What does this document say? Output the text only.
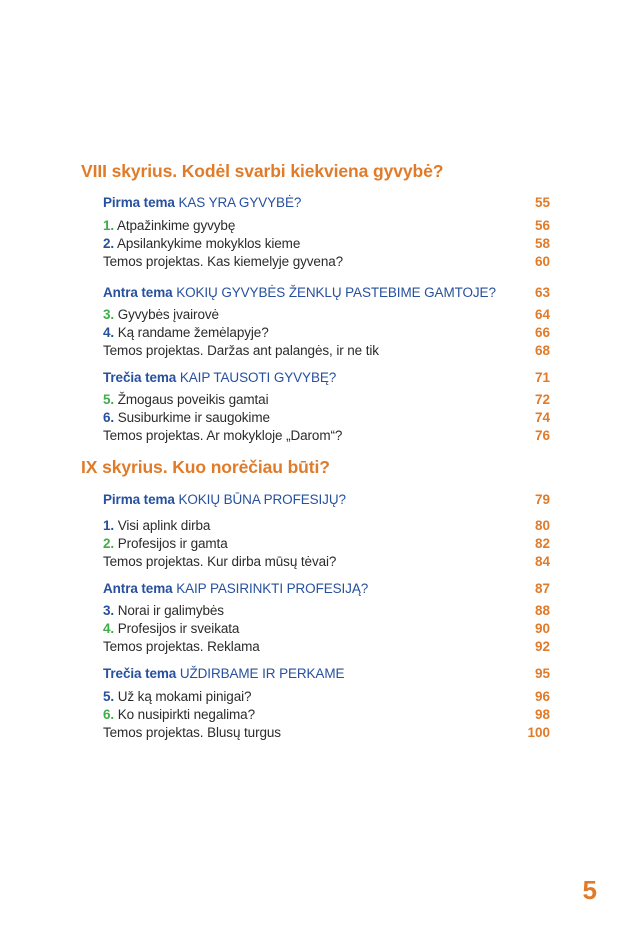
VIII skyrius. Kodėl svarbi kiekviena gyvybė?
Pirma tema KAS YRA GYVYBĖ?	55
1. Atpažinkime gyvybę	56
2. Apsilankykime mokyklos kieme	58
Temos projektas. Kas kiemelyje gyvena?	60
Antra tema KOKIŲ GYVYBĖS ŽENKLŲ PASTEBIME GAMTOJE?	63
3. Gyvybės įvairovė	64
4. Ką randame žemėlapyje?	66
Temos projektas. Daržas ant palangės, ir ne tik	68
Trečia tema KAIP TAUSOTI GYVYBĘ?	71
5. Žmogaus poveikis gamtai	72
6. Susiburkime ir saugokime	74
Temos projektas. Ar mokykloje „Darom“?	76
IX skyrius. Kuo norėčiau būti?
Pirma tema KOKIŲ BŪNA PROFESIJŲ?	79
1. Visi aplink dirba	80
2. Profesijos ir gamta	82
Temos projektas. Kur dirba mūsų tėvai?	84
Antra tema KAIP PASIRINKTI PROFESIJĄ?	87
3. Norai ir galimybės	88
4. Profesijos ir sveikata	90
Temos projektas. Reklama	92
Trečia tema UŽDIRBAME IR PERKAME	95
5. Už ką mokami pinigai?	96
6. Ko nusipirkti negalima?	98
Temos projektas. Blusų turgus	100
5
